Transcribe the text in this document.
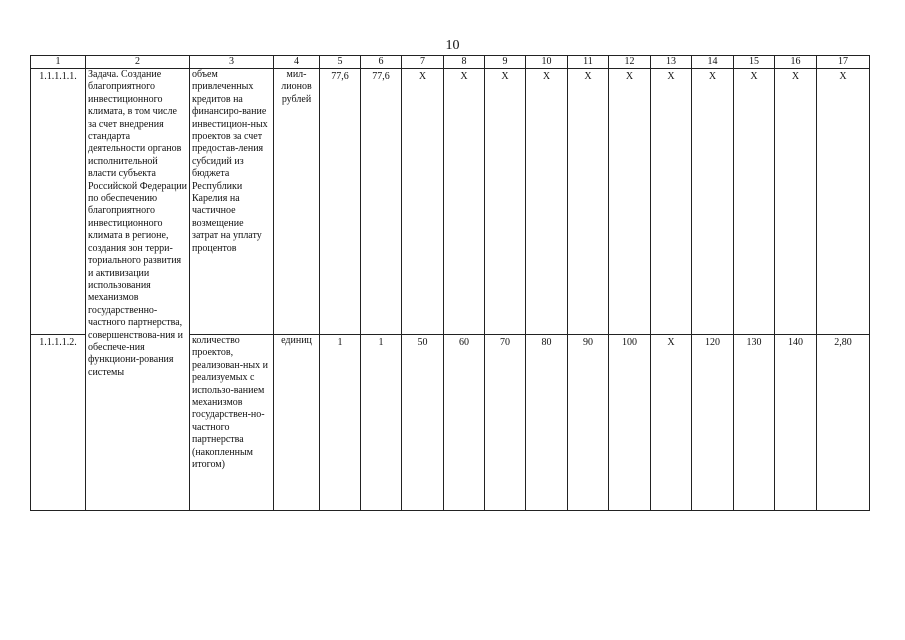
10
1	2	3	4	5	6	7	8	9	10	11	12	13	14	15	16	17
1.1.1.1.1.	Задача. Создание благоприятного инвестиционного климата, в том числе за счет внедрения стандарта деятельности органов исполнительной власти субъекта Российской Федерации по обеспечению благоприятного инвестиционного климата в регионе, создания зон терри-ториального развития и активизации использования механизмов государственно-частного партнерства, совершенствова-ния и обеспече-ния функциони-рования системы	объем привлеченных кредитов на финансиро-вание инвестицион-ных проектов за счет предостав-ления субсидий из бюджета Республики Карелия на частичное возмещение затрат на уплату процентов	мил-лионов рублей	77,6	77,6	Х	Х	Х	Х	Х	Х	Х	Х	Х	Х	Х
1.1.1.1.2.		количество проектов, реализован-ных и реализуемых с использо-ванием механизмов государствен-но-частного партнерства (накопленным итогом)	единиц	1	1	50	60	70	80	90	100	Х	120	130	140	2,80
